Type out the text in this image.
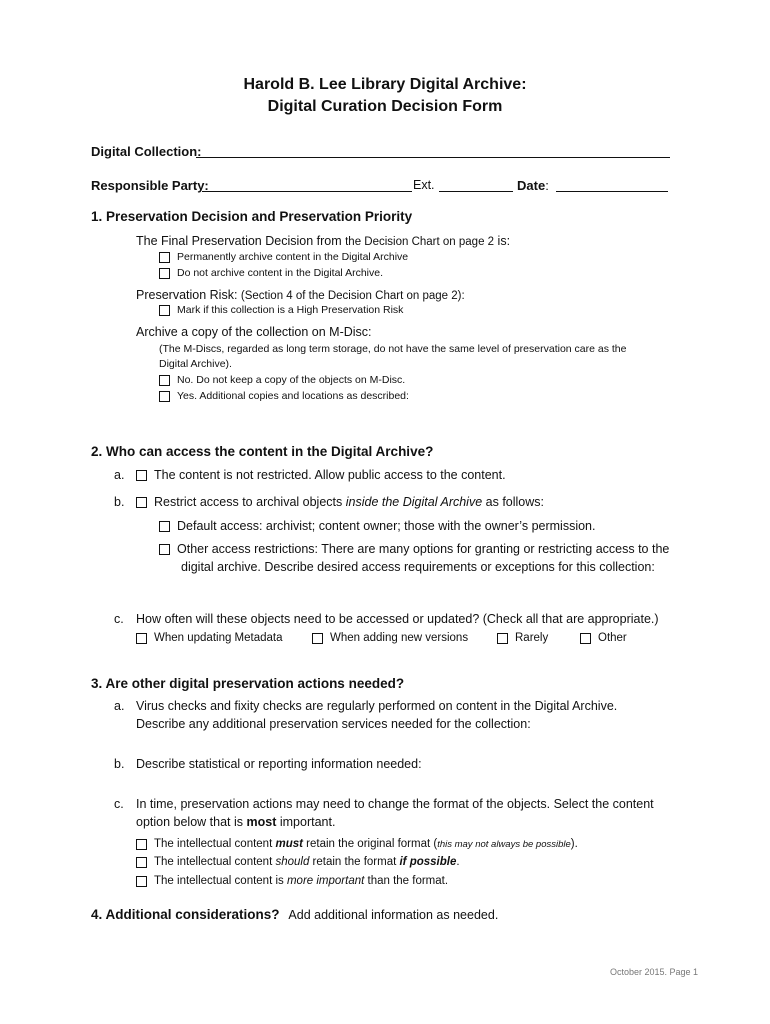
Harold B. Lee Library Digital Archive:
Digital Curation Decision Form
Digital Collection:
Responsible Party:	Ext.	Date:
1. Preservation Decision and Preservation Priority
The Final Preservation Decision from the Decision Chart on page 2 is:
Permanently archive content in the Digital Archive
Do not archive content in the Digital Archive.
Preservation Risk: (Section 4 of the Decision Chart on page 2):
Mark if this collection is a High Preservation Risk
Archive a copy of the collection on M-Disc:
(The M-Discs, regarded as long term storage, do not have the same level of preservation care as the
Digital Archive).
No. Do not keep a copy of the objects on M-Disc.
Yes. Additional copies and locations as described:
2. Who can access the content in the Digital Archive?
a. The content is not restricted. Allow public access to the content.
b. Restrict access to archival objects inside the Digital Archive as follows:
Default access: archivist; content owner; those with the owner’s permission.
Other access restrictions: There are many options for granting or restricting access to the
digital archive. Describe desired access requirements or exceptions for this collection:
c. How often will these objects need to be accessed or updated? (Check all that are appropriate.)
When updating Metadata	When adding new versions	Rarely	Other
3. Are other digital preservation actions needed?
a. Virus checks and fixity checks are regularly performed on content in the Digital Archive.
Describe any additional preservation services needed for the collection:
b. Describe statistical or reporting information needed:
c. In time, preservation actions may need to change the format of the objects. Select the content
option below that is most important.
The intellectual content must retain the original format (this may not always be possible).
The intellectual content should retain the format if possible.
The intellectual content is more important than the format.
4. Additional considerations? Add additional information as needed.
October 2015. Page 1
